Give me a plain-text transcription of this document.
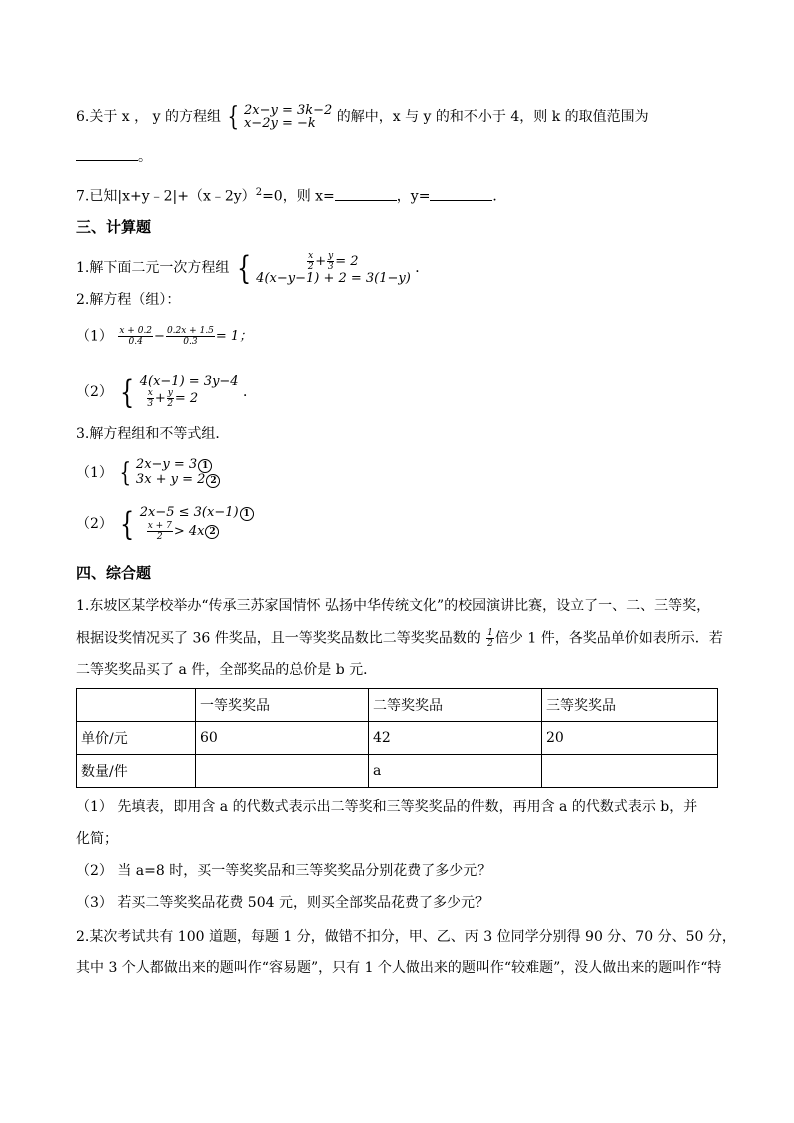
6.关于 x ， y 的方程组 { 2x−y = 3k−2
x−2y = −k	的解中，x 与 y 的和不小于 4，则 k 的取值范围为
。
7.已知|x+y﹣2|+（x﹣2y）$^2$=0，则 x=	，y=	．
三、计算题
1.解下面二元一次方程组 {	$\frac{x}{2} + \frac{y}{3} = 2$
4(x−y−1) + 2 = 3(1−y)
．
2.解方程（组）：
$(1) \frac{x + 0.2}{0.4} - \frac{0.2x + 1.5}{0.3} = 1$；
（2） { 4(x−1) = 3y−4
$\frac{x}{3} + \frac{y}{2} = 2$	．
3.解方程组和不等式组．
（1） { 2x−y = 3 1
3x + y = 2 2
（2） { 2x−5 ≤ 3(x−1) 1
$\frac{x + 7}{2} > 4x$ 2
四、综合题
1.东坡区某学校举办“传承三苏家国情怀 弘扬中华传统文化”的校园演讲比赛，设立了一、二、三等奖，
根据设奖情况买了 36 件奖品，且一等奖奖品数比二等奖奖品数的 $\frac{1}{2}$ 倍少 1 件，各奖品单价如表所示．若
二等奖奖品买了 a 件，全部奖品的总价是 b 元．
	一等奖奖品	二等奖奖品	三等奖奖品
单价/元	60	42	20
数量/件		a	
（1） 先填表，即用含 a 的代数式表示出二等奖和三等奖奖品的件数，再用含 a 的代数式表示 b，并
化简；
（2） 当 a=8 时，买一等奖奖品和三等奖奖品分别花费了多少元？
（3） 若买二等奖奖品花费 504 元，则买全部奖品花费了多少元？
2.某次考试共有 100 道题，每题 1 分，做错不扣分，甲、乙、丙 3 位同学分别得 90 分、70 分、50 分，
其中 3 个人都做出来的题叫作“容易题”，只有 1 个人做出来的题叫作“较难题”，没人做出来的题叫作“特
